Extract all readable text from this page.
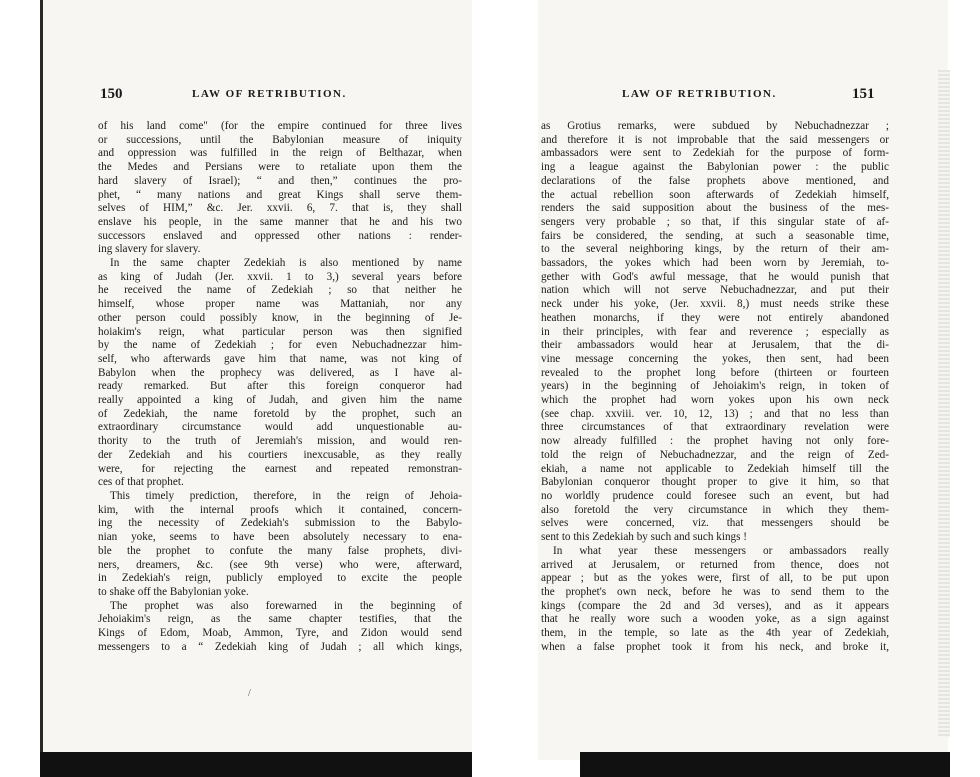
150	LAW OF RETRIBUTION.	LAW OF RETRIBUTION.	151
of his land come" (for the empire continued for three lives
or successions, until the Babylonian measure of iniquity
and oppression was fulfilled in the reign of Belthazar, when
the Medes and Persians were to retaliate upon them the
hard slavery of Israel); “ and then,” continues the pro-
phet, “ many nations and great Kings shall serve them-
selves of HIM,” &c. Jer. xxvii. 6, 7. that is, they shall
enslave his people, in the same manner that he and his two
successors enslaved and oppressed other nations : render-
ing slavery for slavery.
In the same chapter Zedekiah is also mentioned by name
as king of Judah (Jer. xxvii. 1 to 3,) several years before
he received the name of Zedekiah ; so that neither he
himself, whose proper name was Mattaniah, nor any
other person could possibly know, in the beginning of Je-
hoiakim's reign, what particular person was then signified
by the name of Zedekiah ; for even Nebuchadnezzar him-
self, who afterwards gave him that name, was not king of
Babylon when the prophecy was delivered, as I have al-
ready remarked. But after this foreign conqueror had
really appointed a king of Judah, and given him the name
of Zedekiah, the name foretold by the prophet, such an
extraordinary circumstance would add unquestionable au-
thority to the truth of Jeremiah's mission, and would ren-
der Zedekiah and his courtiers inexcusable, as they really
were, for rejecting the earnest and repeated remonstran-
ces of that prophet.
This timely prediction, therefore, in the reign of Jehoia-
kim, with the internal proofs which it contained, concern-
ing the necessity of Zedekiah's submission to the Babylo-
nian yoke, seems to have been absolutely necessary to ena-
ble the prophet to confute the many false prophets, divi-
ners, dreamers, &c. (see 9th verse) who were, afterward,
in Zedekiah's reign, publicly employed to excite the people
to shake off the Babylonian yoke.
The prophet was also forewarned in the beginning of
Jehoiakim's reign, as the same chapter testifies, that the
Kings of Edom, Moab, Ammon, Tyre, and Zidon would send
messengers to a “ Zedekiah king of Judah ; all which kings,
as Grotius remarks, were subdued by Nebuchadnezzar ;
and therefore it is not improbable that the said messengers or
ambassadors were sent to Zedekiah for the purpose of form-
ing a league against the Babylonian power : the public
declarations of the false prophets above mentioned, and
the actual rebellion soon afterwards of Zedekiah himself,
renders the said supposition about the business of the mes-
sengers very probable ; so that, if this singular state of af-
fairs be considered, the sending, at such a seasonable time,
to the several neighboring kings, by the return of their am-
bassadors, the yokes which had been worn by Jeremiah, to-
gether with God's awful message, that he would punish that
nation which will not serve Nebuchadnezzar, and put their
neck under his yoke, (Jer. xxvii. 8,) must needs strike these
heathen monarchs, if they were not entirely abandoned
in their principles, with fear and reverence ; especially as
their ambassadors would hear at Jerusalem, that the di-
vine message concerning the yokes, then sent, had been
revealed to the prophet long before (thirteen or fourteen
years) in the beginning of Jehoiakim's reign, in token of
which the prophet had worn yokes upon his own neck
(see chap. xxviii. ver. 10, 12, 13) ; and that no less than
three circumstances of that extraordinary revelation were
now already fulfilled : the prophet having not only fore-
told the reign of Nebuchadnezzar, and the reign of Zed-
ekiah, a name not applicable to Zedekiah himself till the
Babylonian conqueror thought proper to give it him, so that
no worldly prudence could foresee such an event, but had
also foretold the very circumstance in which they them-
selves were concerned, viz. that messengers should be
sent to this Zedekiah by such and such kings !
In what year these messengers or ambassadors really
arrived at Jerusalem, or returned from thence, does not
appear ; but as the yokes were, first of all, to be put upon
the prophet's own neck, before he was to send them to the
kings (compare the 2d and 3d verses), and as it appears
that he really wore such a wooden yoke, as a sign against
them, in the temple, so late as the 4th year of Zedekiah,
when a false prophet took it from his neck, and broke it,
/
